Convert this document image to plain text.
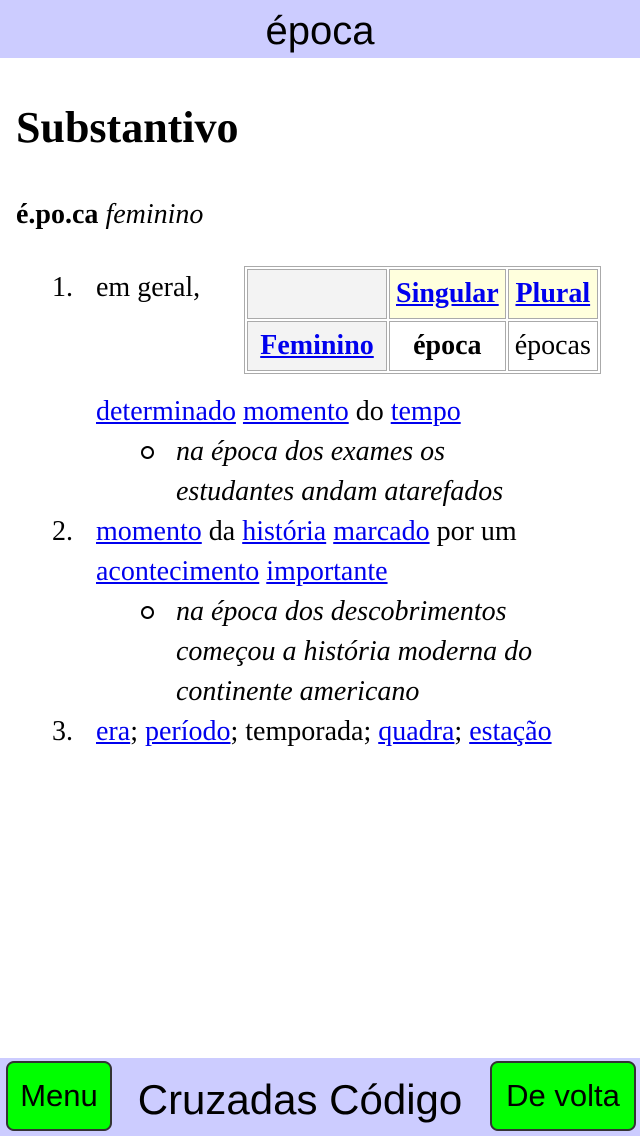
época
Substantivo
é.po.ca feminino
1. em geral,
		Singular	Plural
Feminino	época	épocas
determinado momento do tempo
na época dos exames os
estudantes andam atarefados
2. momento da história marcado por um
acontecimento importante
na época dos descobrimentos
começou a história moderna do
continente americano
3. era; período; temporada; quadra; estação
Menu Cruzadas Código	De volta
